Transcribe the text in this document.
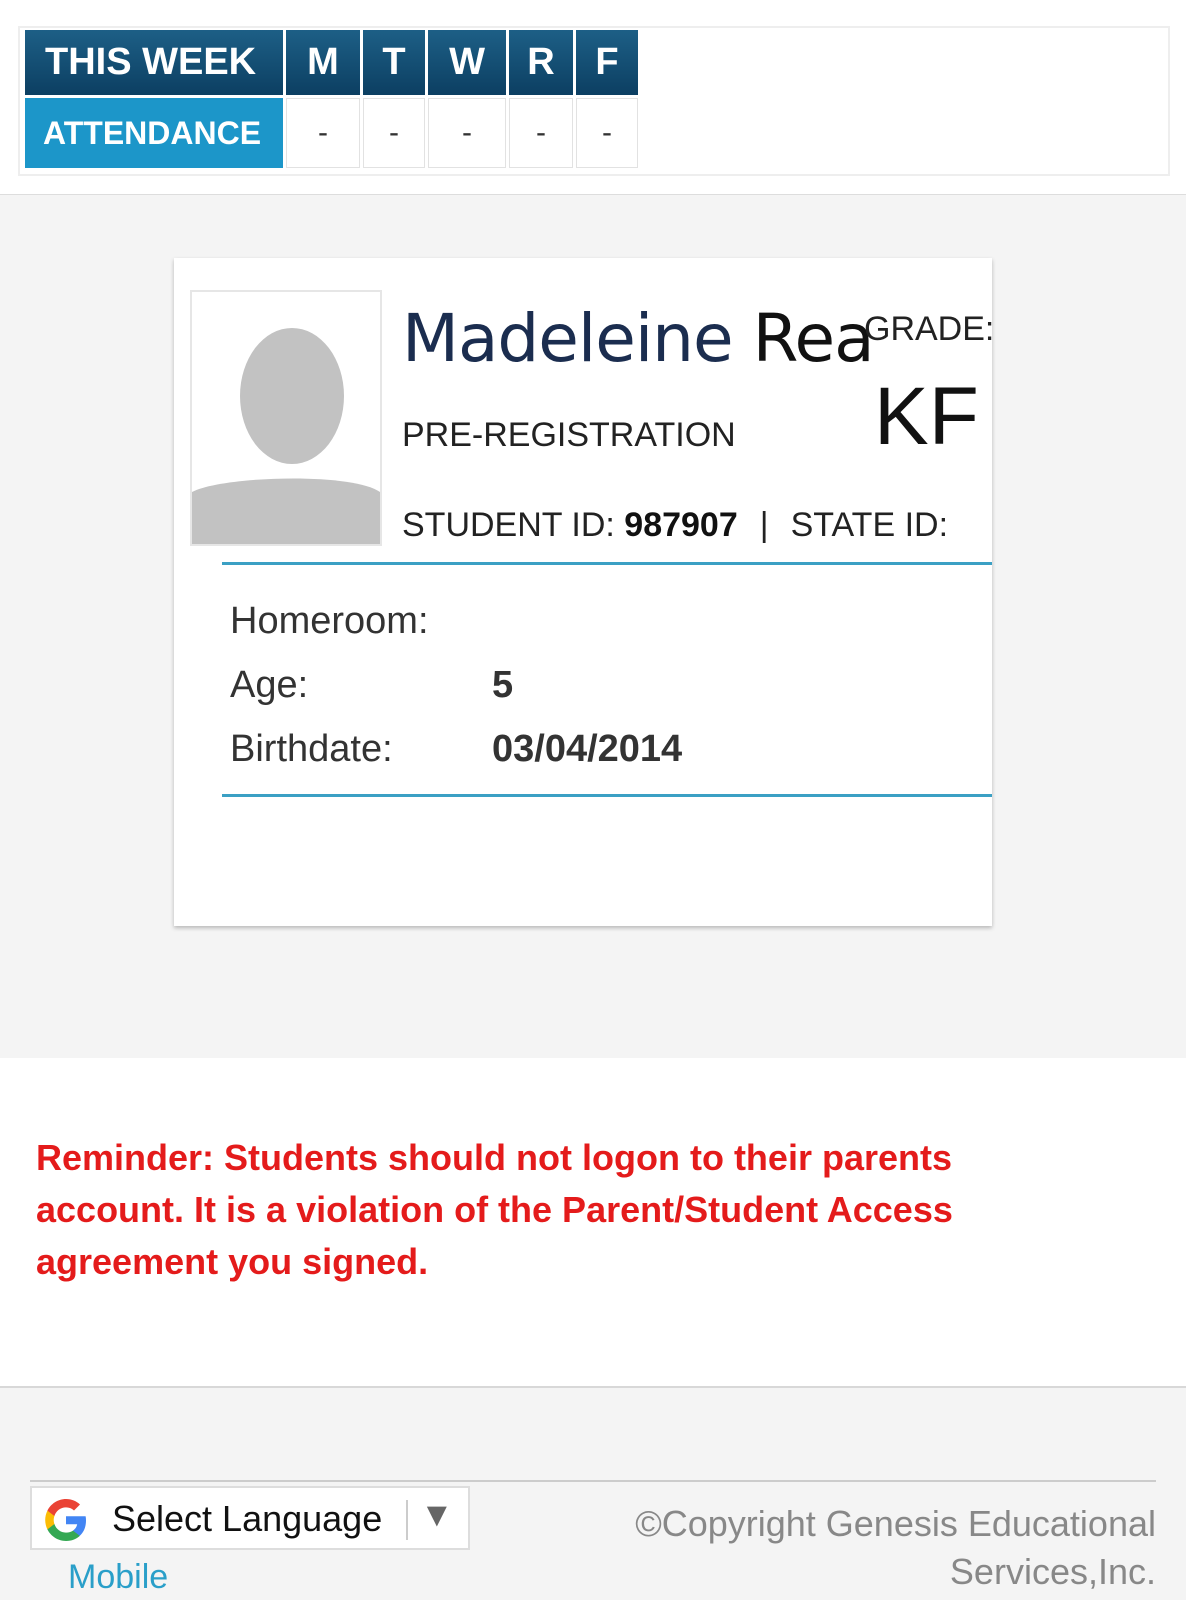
THIS WEEK	M	T	W	R	F
ATTENDANCE	-	-	-	-	-
Madeleine Rea
GRADE:
KF
PRE-REGISTRATION
STUDENT ID: 987907 | STATE ID:
Homeroom:
Age:	5
Birthdate:	03/04/2014
Reminder: Students should not logon to their parents account. It is a violation of the Parent/Student Access agreement you signed.
Select Language ▼
Mobile
©Copyright Genesis Educational Services,Inc.
